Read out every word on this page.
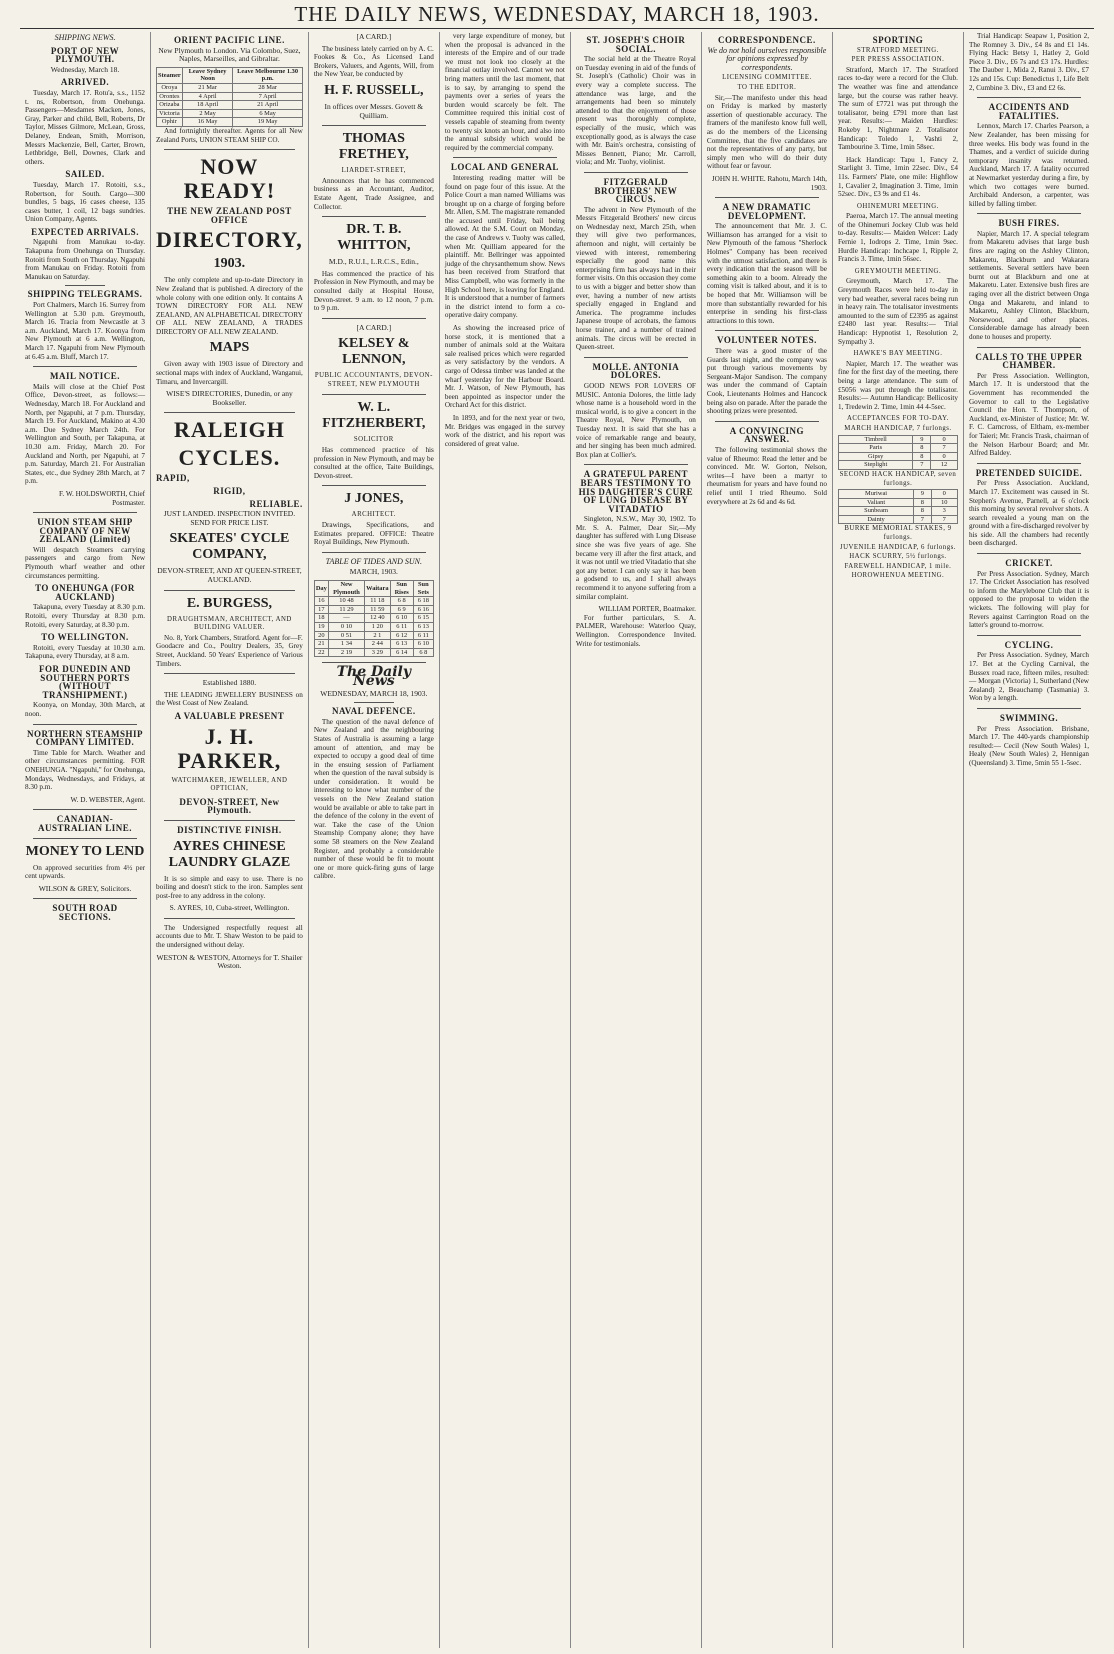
THE DAILY NEWS, WEDNESDAY, MARCH 18, 1903.
SHIPPING NEWS.
PORT OF NEW PLYMOUTH.
Wednesday, March 18.
ARRIVED.

Tuesday, March 17. Rotu'a, s.s., 1152 t. ns, Robertson, from Onehunga. Passengers—Mesdames Macken, Jones, Gray, Parker and child, Bell, Roberts, Dr Taylor, Misses Gilmore, McLean, Gross, Delaney, Endean, Smith, Morrison, Messrs Mackenzie, Bell, Carter, Brown, Lethbridge, Bell, Downes, Clark and others.

SAILED.

Tuesday, March 17. Rotoiti, s.s., Robertson, for South. Cargo—300 bundles, 5 bags, 16 cases cheese, 135 cases butter, 1 coil, 12 bags sundries. Union Company, Agents.

EXPECTED ARRIVALS.

Ngapuhi from Manukau to-day. Takapuna from Onehunga on Thursday. Rotoiti from South on Thursday. Ngapuhi from Manukau on Friday. Rotoiti from Manukau on Saturday.

SHIPPING TELEGRAMS.

Port Chalmers, March 16. Surrey from Wellington at 5.30 p.m. Greymouth, March 16. Tracia from Newcastle at 3 a.m. Auckland, March 17. Koonya from New Plymouth at 6 a.m. Wellington, March 17. Ngapuhi from New Plymouth at 6.45 a.m. Bluff, March 17.

MAIL NOTICE.

Mails will close at the Chief Post Office, Devon-street, as follows:— Wednesday, March 18. For Auckland and North, per Ngapuhi, at 7 p.m. Thursday, March 19. For Auckland, Makino at 4.30 a.m. Due Sydney March 24th. For Wellington and South, per Takapuna, at 10.30 a.m. Friday, March 20. For Auckland and North, per Ngapuhi, at 7 p.m. Saturday, March 21. For Australian States, etc., due Sydney 28th March, at 7 p.m.

F. W. HOLDSWORTH, Chief Postmaster.
UNION STEAM SHIP COMPANY OF NEW ZEALAND (Limited)

Will despatch Steamers carrying passengers and cargo from New Plymouth wharf weather and other circumstances permitting.

TO ONEHUNGA (FOR AUCKLAND)

Takapuna, every Tuesday at 8.30 p.m. Rotoiti, every Thursday at 8.30 p.m. Rotoiti, every Saturday, at 8.30 p.m.

TO WELLINGTON.

Rotoiti, every Tuesday at 10.30 a.m. Takapuna, every Thursday, at 8 a.m.

FOR DUNEDIN AND SOUTHERN PORTS (WITHOUT TRANSHIPMENT.)

Koonya, on Monday, 30th March, at noon.

NORTHERN STEAMSHIP COMPANY LIMITED.

Time Table for March. Weather and other circumstances permitting. FOR ONEHUNGA. "Ngapuhi," for Onehunga, Mondays, Wednesdays, and Fridays, at 8.30 p.m.

W. D. WEBSTER, Agent.
CANADIAN-AUSTRALIAN LINE.
MONEY TO LEND

On approved securities from 4½ per cent upwards.

WILSON & GREY, Solicitors.
SOUTH ROAD SECTIONS.
ORIENT PACIFIC LINE.
New Plymouth to London. Via Colombo, Suez, Naples, Marseilles, and Gibraltar.
Steamer	Leave Sydney Noon	Leave Melbourne 1.30 p.m.
Oroya	21 Mar	28 Mar
Orontes	4 April	7 April
Orizaba	18 April	21 April
Victoria	2 May	6 May
Ophir	16 May	19 May

And fortnightly thereafter. Agents for all New Zealand Ports, UNION STEAM SHIP CO.

NOW READY!
THE NEW ZEALAND POST OFFICE
DIRECTORY,
1903.

The only complete and up-to-date Directory in New Zealand that is published. A directory of the whole colony with one edition only. It contains A TOWN DIRECTORY FOR ALL NEW ZEALAND, AN ALPHABETICAL DIRECTORY OF ALL NEW ZEALAND, A TRADES DIRECTORY OF ALL NEW ZEALAND.

MAPS

Given away with 1903 issue of Directory and sectional maps with index of Auckland, Wanganui, Timaru, and Invercargill.

WISE'S DIRECTORIES, Dunedin, or any Bookseller.
RALEIGH
CYCLES.
RAPID,
RIGID,
RELIABLE.
JUST LANDED. INSPECTION INVITED. SEND FOR PRICE LIST.
SKEATES' CYCLE COMPANY,
DEVON-STREET, AND AT QUEEN-STREET, AUCKLAND.
E. BURGESS,
DRAUGHTSMAN, ARCHITECT, AND BUILDING VALUER.

No. 8, York Chambers, Stratford. Agent for—F. Goodacre and Co., Poultry Dealers, 35, Grey Street, Auckland. 50 Years' Experience of Various Timbers.

Established 1880.

THE LEADING JEWELLERY BUSINESS on the West Coast of New Zealand.

A VALUABLE PRESENT
J. H. PARKER,
WATCHMAKER, JEWELLER, AND OPTICIAN,
DEVON-STREET, New Plymouth.
DISTINCTIVE FINISH.
AYRES CHINESE LAUNDRY GLAZE

It is so simple and easy to use. There is no boiling and doesn't stick to the iron. Samples sent post-free to any address in the colony.

S. AYRES, 10, Cuba-street, Wellington.

The Undersigned respectfully request all accounts due to Mr. T. Shaw Weston to be paid to the undersigned without delay.

WESTON & WESTON, Attorneys for T. Shailer Weston.
[A CARD.]

The business lately carried on by A. C. Fookes & Co., As Licensed Land Brokers, Valuers, and Agents, Will, from the New Year, be conducted by

H. F. RUSSELL,
In offices over Messrs. Govett & Quilliam.
THOMAS FRETHEY,
LIARDET-STREET,

Announces that he has commenced business as an Accountant, Auditor, Estate Agent, Trade Assignee, and Collector.

DR. T. B. WHITTON,
M.D., R.U.I., L.R.C.S., Edin.,

Has commenced the practice of his Profession in New Plymouth, and may be consulted daily at Hospital House, Devon-street. 9 a.m. to 12 noon, 7 p.m. to 9 p.m.

[A CARD.]
KELSEY & LENNON,
PUBLIC ACCOUNTANTS, DEVON-STREET, NEW PLYMOUTH
W. L. FITZHERBERT,
SOLICITOR

Has commenced practice of his profession in New Plymouth, and may be consulted at the office, Taite Buildings, Devon-street.

J JONES,
ARCHITECT.

Drawings, Specifications, and Estimates prepared. OFFICE: Theatre Royal Buildings, New Plymouth.

TABLE OF TIDES AND SUN.
MARCH, 1903.
Day	New Plymouth	Waitara	Sun Rises	Sun Sets
16	10 48	11 18	6 8	6 18
17	11 29	11 59	6 9	6 16
18	—	12 40	6 10	6 15
19	0 10	1 20	6 11	6 13
20	0 51	2 1	6 12	6 11
21	1 34	2 44	6 13	6 10
22	2 19	3 29	6 14	6 8
The Daily News
WEDNESDAY, MARCH 18, 1903.
NAVAL DEFENCE.

The question of the naval defence of New Zealand and the neighbouring States of Australia is assuming a large amount of attention, and may be expected to occupy a good deal of time in the ensuing session of Parliament when the question of the naval subsidy is under consideration. It would be interesting to know what number of the vessels on the New Zealand station would be available or able to take part in the defence of the colony in the event of war. Take the case of the Union Steamship Company alone; they have some 58 steamers on the New Zealand Register, and probably a considerable number of these would be fit to mount one or more quick-firing guns of large calibre.

very large expenditure of money, but when the proposal is advanced in the interests of the Empire and of our trade we must not look too closely at the financial outlay involved. Cannot we not bring matters until the last moment, that is to say, by arranging to spend the payments over a series of years the burden would scarcely be felt. The Committee required this initial cost of vessels capable of steaming from twenty to twenty six knots an hour, and also into the annual subsidy which would be required by the commercial company.

LOCAL AND GENERAL

Interesting reading matter will be found on page four of this issue. At the Police Court a man named Williams was brought up on a charge of forging before Mr. Allen, S.M. The magistrate remanded the accused until Friday, bail being allowed. At the S.M. Court on Monday, the case of Andrews v. Tuohy was called, when Mr. Quilliam appeared for the plaintiff. Mr. Bellringer was appointed judge of the chrysanthemum show. News has been received from Stratford that Miss Campbell, who was formerly in the High School here, is leaving for England. It is understood that a number of farmers in the district intend to form a co-operative dairy company.

As showing the increased price of horse stock, it is mentioned that a number of animals sold at the Waitara sale realised prices which were regarded as very satisfactory by the vendors. A cargo of Odessa timber was landed at the wharf yesterday for the Harbour Board. Mr. J. Watson, of New Plymouth, has been appointed as inspector under the Orchard Act for this district.

In 1893, and for the next year or two, Mr. Bridges was engaged in the survey work of the district, and his report was considered of great value.

ST. JOSEPH'S CHOIR SOCIAL.

The social held at the Theatre Royal on Tuesday evening in aid of the funds of St. Joseph's (Catholic) Choir was in every way a complete success. The attendance was large, and the arrangements had been so minutely attended to that the enjoyment of those present was thoroughly complete, especially of the music, which was exceptionally good, as is always the case with Mr. Bain's orchestra, consisting of Misses Bennett, Piano; Mr. Carroll, viola; and Mr. Tuohy, violinist.

FITZGERALD BROTHERS' NEW CIRCUS.

The advent in New Plymouth of the Messrs Fitzgerald Brothers' new circus on Wednesday next, March 25th, when they will give two performances, afternoon and night, will certainly be viewed with interest, remembering especially the good name this enterprising firm has always had in their former visits. On this occasion they come to us with a bigger and better show than ever, having a number of new artists specially engaged in England and America. The programme includes Japanese troupe of acrobats, the famous horse trainer, and a number of trained animals. The circus will be erected in Queen-street.

MOLLE. ANTONIA DOLORES.

GOOD NEWS FOR LOVERS OF MUSIC. Antonia Dolores, the little lady whose name is a household word in the musical world, is to give a concert in the Theatre Royal, New Plymouth, on Tuesday next. It is said that she has a voice of remarkable range and beauty, and her singing has been much admired. Box plan at Collier's.

A GRATEFUL PARENT BEARS TESTIMONY TO HIS DAUGHTER'S CURE OF LUNG DISEASE BY VITADATIO

Singleton, N.S.W., May 30, 1902. To Mr. S. A. Palmer, Dear Sir,—My daughter has suffered with Lung Disease since she was five years of age. She became very ill after the first attack, and it was not until we tried Vitadatio that she got any better. I can only say it has been a godsend to us, and I shall always recommend it to anyone suffering from a similar complaint.

WILLIAM PORTER, Boatmaker.

For further particulars, S. A. PALMER, Warehouse: Waterloo Quay, Wellington. Correspondence Invited. Write for testimonials.

CORRESPONDENCE.
We do not hold ourselves responsible for opinions expressed by correspondents.
LICENSING COMMITTEE.
TO THE EDITOR.

Sir,—The manifesto under this head on Friday is marked by masterly assertion of questionable accuracy. The framers of the manifesto know full well, as do the members of the Licensing Committee, that the five candidates are not the representatives of any party, but simply men who will do their duty without fear or favour.

JOHN H. WHITE. Rahotu, March 14th, 1903.
A NEW DRAMATIC DEVELOPMENT.

The announcement that Mr. J. C. Williamson has arranged for a visit to New Plymouth of the famous "Sherlock Holmes" Company has been received with the utmost satisfaction, and there is every indication that the season will be something akin to a boom. Already the coming visit is talked about, and it is to be hoped that Mr. Williamson will be more than substantially rewarded for his enterprise in sending his first-class attractions to this town.

VOLUNTEER NOTES.

There was a good muster of the Guards last night, and the company was put through various movements by Sergeant-Major Sandison. The company was under the command of Captain Cook, Lieutenants Holmes and Hancock being also on parade. After the parade the shooting prizes were presented.

A CONVINCING ANSWER.

The following testimonial shows the value of Rheumo: Read the letter and be convinced. Mr. W. Gorton, Nelson, writes—I have been a martyr to rheumatism for years and have found no relief until I tried Rheumo. Sold everywhere at 2s 6d and 4s 6d.

SPORTING
STRATFORD MEETING.
PER PRESS ASSOCIATION.

Stratford, March 17. The Stratford races to-day were a record for the Club. The weather was fine and attendance large, but the course was rather heavy. The sum of £7721 was put through the totalisator, being £791 more than last year. Results:— Maiden Hurdles: Rokeby 1, Nightmare 2. Totalisator Handicap: Toledo 1, Vashti 2, Tambourine 3. Time, 1min 58sec.

Hack Handicap: Tapu 1, Fancy 2, Starlight 3. Time, 1min 22sec. Div., £4 11s. Farmers' Plate, one mile: Highflow 1, Cavalier 2, Imagination 3. Time, 1min 52sec. Div., £3 9s and £1 4s.

OHINEMURI MEETING.

Paeroa, March 17. The annual meeting of the Ohinemuri Jockey Club was held to-day. Results:— Maiden Welcer: Lady Fernie 1, Iodrops 2. Time, 1min 9sec. Hurdle Handicap: Inchcape 1, Ripple 2, Francis 3. Time, 1min 56sec.

GREYMOUTH MEETING.

Greymouth, March 17. The Greymouth Races were held to-day in very bad weather, several races being run in heavy rain. The totalisator investments amounted to the sum of £2395 as against £2480 last year. Results:— Trial Handicap: Hypnotist 1, Resolution 2, Sympathy 3.

HAWKE'S BAY MEETING.

Napier, March 17. The weather was fine for the first day of the meeting, there being a large attendance. The sum of £5056 was put through the totalisator. Results:— Autumn Handicap: Bellicosity 1, Tredewin 2. Time, 1min 44 4-5sec.

ACCEPTANCES FOR TO-DAY.
MARCH HANDICAP, 7 furlongs.
Timbrell	9	0
Paris	8	7
Gipsy	8	0
Steplight	7	12
SECOND HACK HANDICAP, seven furlongs.
Muriwai	9	0
Valiant	8	10
Sunbeam	8	3
Dainty	7	7
BURKE MEMORIAL STAKES, 9 furlongs.
JUVENILE HANDICAP, 6 furlongs.
HACK SCURRY, 5½ furlongs.
FAREWELL HANDICAP, 1 mile.
HOROWHENUA MEETING.

Trial Handicap: Seapaw 1, Position 2, The Romney 3. Div., £4 8s and £1 14s. Flying Hack: Betsy 1, Hatley 2, Gold Piece 3. Div., £6 7s and £3 17s. Hurdles: The Dauber 1, Mida 2, Ranui 3. Div., £7 12s and 15s. Cup: Benedictus 1, Life Belt 2, Cumbine 3. Div., £3 and £2 6s.

ACCIDENTS AND FATALITIES.

Lennox, March 17. Charles Pearson, a New Zealander, has been missing for three weeks. His body was found in the Thames, and a verdict of suicide during temporary insanity was returned. Auckland, March 17. A fatality occurred at Newmarket yesterday during a fire, by which two cottages were burned. Archibald Anderson, a carpenter, was killed by falling timber.

BUSH FIRES.

Napier, March 17. A special telegram from Makaretu advises that large bush fires are raging on the Ashley Clinton, Makaretu, Blackburn and Wakarara settlements. Several settlers have been burnt out at Blackburn and one at Makaretu. Later. Extensive bush fires are raging over all the district between Onga Onga and Makaretu, and inland to Makaretu, Ashley Clinton, Blackburn, Norsewood, and other places. Considerable damage has already been done to houses and property.

CALLS TO THE UPPER CHAMBER.

Per Press Association. Wellington, March 17. It is understood that the Government has recommended the Governor to call to the Legislative Council the Hon. T. Thompson, of Auckland, ex-Minister of Justice; Mr. W. F. C. Carncross, of Eltham, ex-member for Taieri; Mr. Francis Trask, chairman of the Nelson Harbour Board; and Mr. Alfred Baldey.

PRETENDED SUICIDE.

Per Press Association. Auckland, March 17. Excitement was caused in St. Stephen's Avenue, Parnell, at 6 o'clock this morning by several revolver shots. A search revealed a young man on the ground with a fire-discharged revolver by his side. All the chambers had recently been discharged.

CRICKET.

Per Press Association. Sydney, March 17. The Cricket Association has resolved to inform the Marylebone Club that it is opposed to the proposal to widen the wickets. The following will play for Revers against Carrington Road on the latter's ground to-morrow.

CYCLING.

Per Press Association. Sydney, March 17. Bet at the Cycling Carnival, the Bussex road race, fifteen miles, resulted:— Morgan (Victoria) 1, Sutherland (New Zealand) 2, Beauchamp (Tasmania) 3. Won by a length.

SWIMMING.

Per Press Association. Brisbane, March 17. The 440-yards championship resulted:— Cecil (New South Wales) 1, Healy (New South Wales) 2, Hennigan (Queensland) 3. Time, 5min 55 1-5sec.
